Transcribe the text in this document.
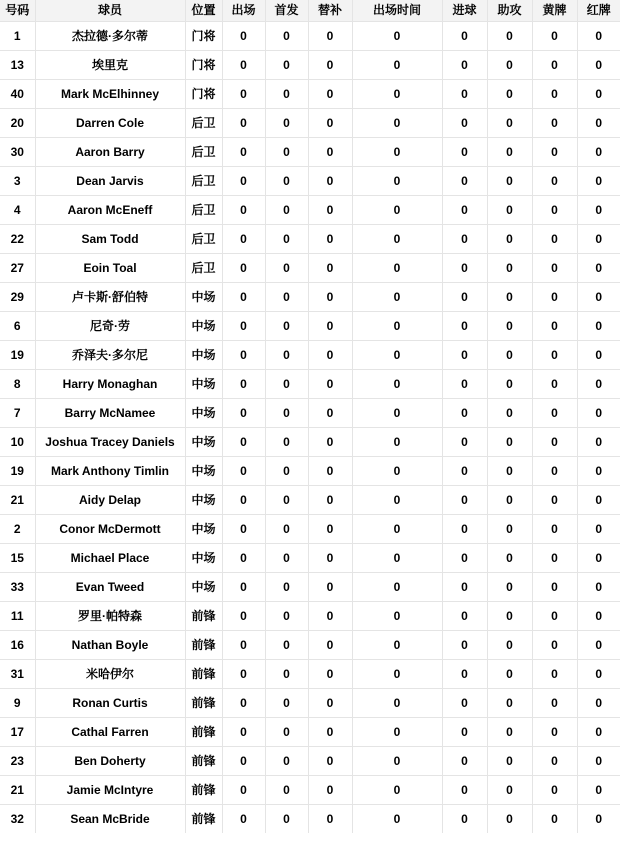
号码	球员	位置	出场	首发	替补	出场时间	进球	助攻	黄牌	红牌
1	杰拉德·多尔蒂	门将	0	0	0	0	0	0	0	0
13	埃里克	门将	0	0	0	0	0	0	0	0
40	Mark McElhinney	门将	0	0	0	0	0	0	0	0
20	Darren Cole	后卫	0	0	0	0	0	0	0	0
30	Aaron Barry	后卫	0	0	0	0	0	0	0	0
3	Dean Jarvis	后卫	0	0	0	0	0	0	0	0
4	Aaron McEneff	后卫	0	0	0	0	0	0	0	0
22	Sam Todd	后卫	0	0	0	0	0	0	0	0
27	Eoin Toal	后卫	0	0	0	0	0	0	0	0
29	卢卡斯·舒伯特	中场	0	0	0	0	0	0	0	0
6	尼奇·劳	中场	0	0	0	0	0	0	0	0
19	乔泽夫·多尔尼	中场	0	0	0	0	0	0	0	0
8	Harry Monaghan	中场	0	0	0	0	0	0	0	0
7	Barry McNamee	中场	0	0	0	0	0	0	0	0
10	Joshua Tracey Daniels	中场	0	0	0	0	0	0	0	0
19	Mark Anthony Timlin	中场	0	0	0	0	0	0	0	0
21	Aidy Delap	中场	0	0	0	0	0	0	0	0
2	Conor McDermott	中场	0	0	0	0	0	0	0	0
15	Michael Place	中场	0	0	0	0	0	0	0	0
33	Evan Tweed	中场	0	0	0	0	0	0	0	0
11	罗里·帕特森	前锋	0	0	0	0	0	0	0	0
16	Nathan Boyle	前锋	0	0	0	0	0	0	0	0
31	米哈伊尔	前锋	0	0	0	0	0	0	0	0
9	Ronan Curtis	前锋	0	0	0	0	0	0	0	0
17	Cathal Farren	前锋	0	0	0	0	0	0	0	0
23	Ben Doherty	前锋	0	0	0	0	0	0	0	0
21	Jamie McIntyre	前锋	0	0	0	0	0	0	0	0
32	Sean McBride	前锋	0	0	0	0	0	0	0	0
